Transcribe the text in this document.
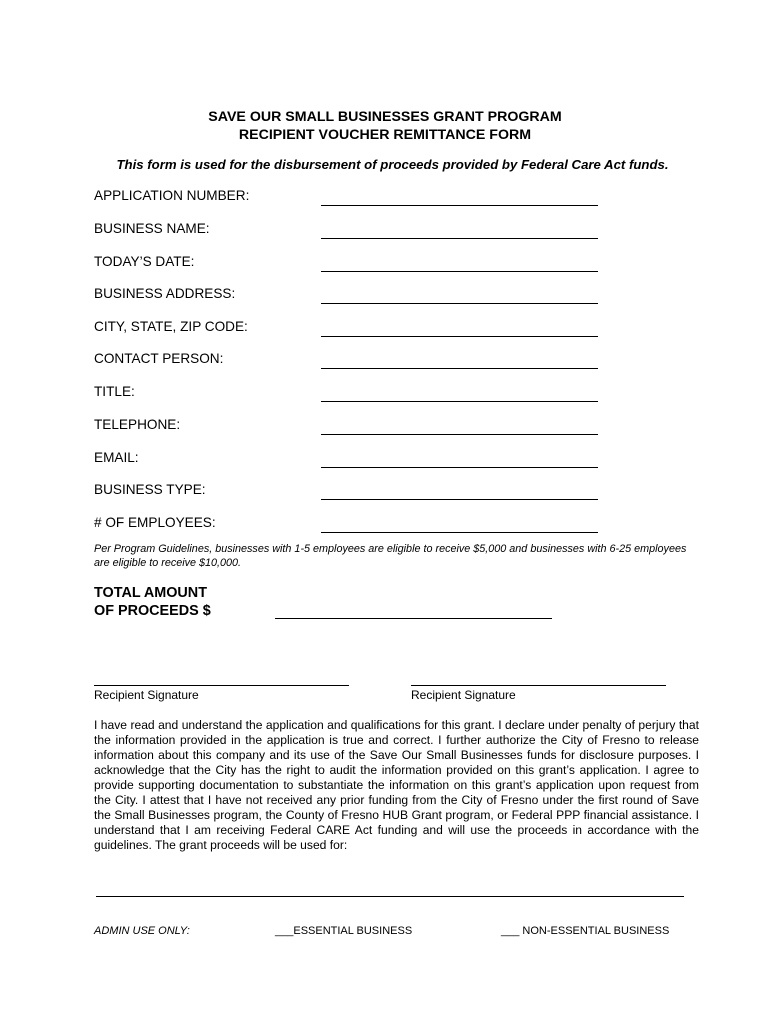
SAVE OUR SMALL BUSINESSES GRANT PROGRAM
RECIPIENT VOUCHER REMITTANCE FORM
This form is used for the disbursement of proceeds provided by Federal Care Act funds.
APPLICATION NUMBER:
BUSINESS NAME:
TODAY’S DATE:
BUSINESS ADDRESS:
CITY, STATE, ZIP CODE:
CONTACT PERSON:
TITLE:
TELEPHONE:
EMAIL:
BUSINESS TYPE:
# OF EMPLOYEES:
Per Program Guidelines, businesses with 1-5 employees are eligible to receive $5,000 and businesses with 6-25 employees are eligible to receive $10,000.
TOTAL AMOUNT
OF PROCEEDS $
Recipient Signature	Recipient Signature
I have read and understand the application and qualifications for this grant. I declare under penalty of perjury that the information provided in the application is true and correct. I further authorize the City of Fresno to release information about this company and its use of the Save Our Small Businesses funds for disclosure purposes. I acknowledge that the City has the right to audit the information provided on this grant’s application. I agree to provide supporting documentation to substantiate the information on this grant’s application upon request from the City. I attest that I have not received any prior funding from the City of Fresno under the first round of Save the Small Businesses program, the County of Fresno HUB Grant program, or Federal PPP financial assistance. I understand that I am receiving Federal CARE Act funding and will use the proceeds in accordance with the guidelines. The grant proceeds will be used for:
ADMIN USE ONLY:	___ESSENTIAL BUSINESS	___ NON-ESSENTIAL BUSINESS
